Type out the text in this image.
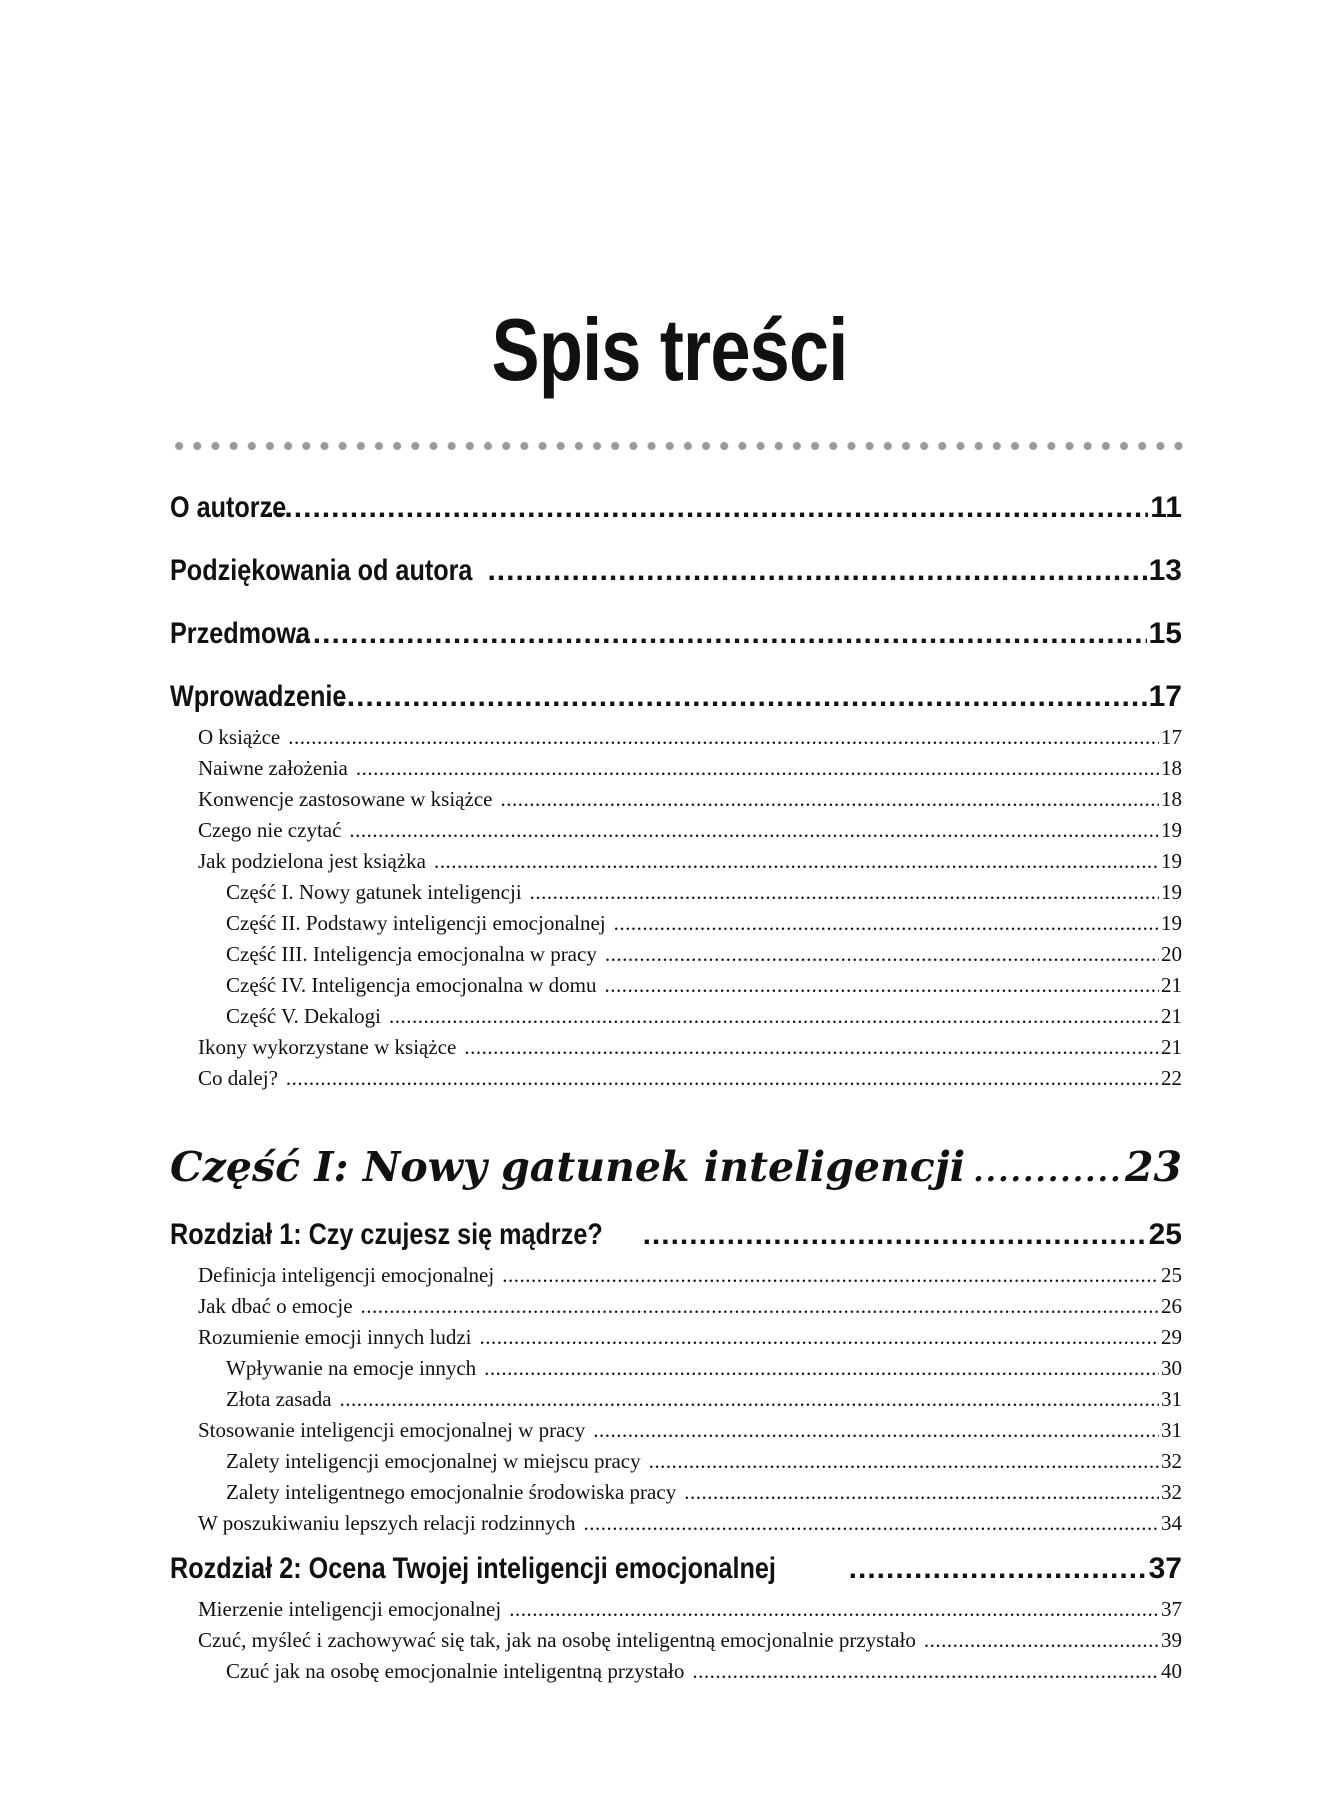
Spis treści
O autorze .....	11
Podziękowania od autora .....	13
Przedmowa .....	15
Wprowadzenie .....	17
O książce .....	17
Naiwne założenia .....	18
Konwencje zastosowane w książce .....	18
Czego nie czytać .....	19
Jak podzielona jest książka .....	19
Część I. Nowy gatunek inteligencji .....	19
Część II. Podstawy inteligencji emocjonalnej .....	19
Część III. Inteligencja emocjonalna w pracy .....	20
Część IV. Inteligencja emocjonalna w domu .....	21
Część V. Dekalogi .....	21
Ikony wykorzystane w książce .....	21
Co dalej? .....	22
Część I: Nowy gatunek inteligencji .....	23
Rozdział 1: Czy czujesz się mądrze? .....	25
Definicja inteligencji emocjonalnej .....	25
Jak dbać o emocje .....	26
Rozumienie emocji innych ludzi .....	29
Wpływanie na emocje innych .....	30
Złota zasada .....	31
Stosowanie inteligencji emocjonalnej w pracy .....	31
Zalety inteligencji emocjonalnej w miejscu pracy .....	32
Zalety inteligentnego emocjonalnie środowiska pracy .....	32
W poszukiwaniu lepszych relacji rodzinnych .....	34
Rozdział 2: Ocena Twojej inteligencji emocjonalnej .....	37
Mierzenie inteligencji emocjonalnej .....	37
Czuć, myśleć i zachowywać się tak, jak na osobę inteligentną emocjonalnie przystało .....	39
Czuć jak na osobę emocjonalnie inteligentną przystało .....	40
